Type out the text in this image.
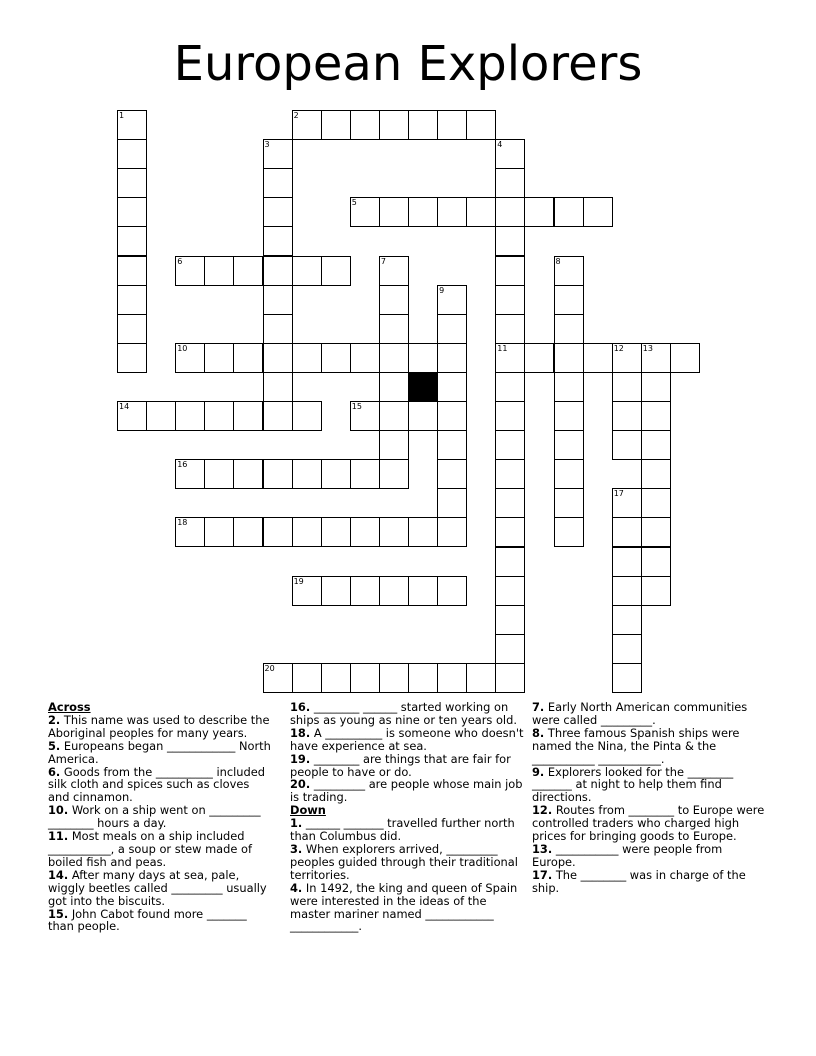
European Explorers
1	2
3	4
11
5
6	7	8
9
10	12 13
14	15
16
17
18
19
20
Across
2. This name was used to describe the Aboriginal peoples for many years.
5. Europeans began ____________ North America.
6. Goods from the __________ included silk cloth and spices such as cloves and cinnamon.
10. Work on a ship went on _________ ________ hours a day.
11. Most meals on a ship included ___________, a soup or stew made of boiled fish and peas.
14. After many days at sea, pale, wiggly beetles called _________ usually got into the biscuits.
15. John Cabot found more _______ than people.
16. ________ ______ started working on ships as young as nine or ten years old.
18. A __________ is someone who doesn't have experience at sea.
19. ________ are things that are fair for people to have or do.
20. _________ are people whose main job is trading.
Down
1. ______ _______ travelled further north than Columbus did.
3. When explorers arrived, _________ peoples guided through their traditional territories.
4. In 1492, the king and queen of Spain were interested in the ideas of the master mariner named ____________ ____________.
7. Early North American communities were called _________.
8. Three famous Spanish ships were named the Nina, the Pinta & the ___________ ___________.
9. Explorers looked for the ________ _______ at night to help them find directions.
12. Routes from ________ to Europe were controlled traders who charged high prices for bringing goods to Europe.
13. ___________ were people from Europe.
17. The ________ was in charge of the ship.
